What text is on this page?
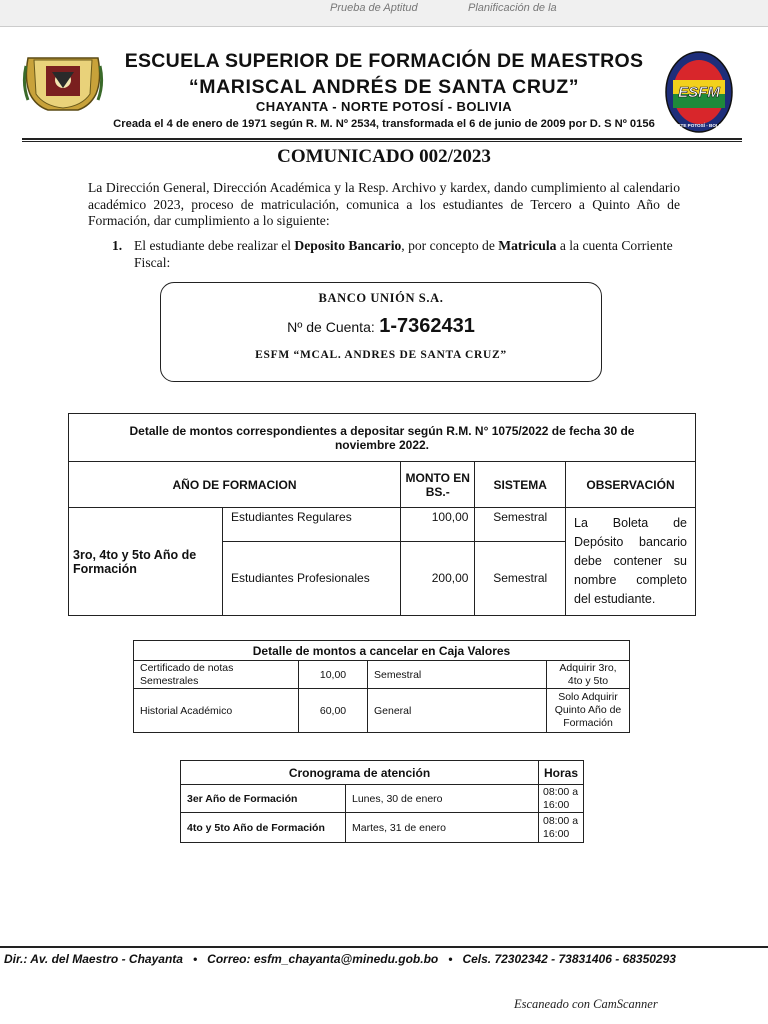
Prueba de Aptitud	Planificación de la
ESCUELA SUPERIOR DE FORMACIÓN DE MAESTROS
“MARISCAL ANDRÉS DE SANTA CRUZ”
CHAYANTA - NORTE POTOSÍ - BOLIVIA
Creada el 4 de enero de 1971 según R. M. Nº 2534, transformada el 6 de junio de 2009 por D. S Nº 0156
ESFM
NORTE POTOSÍ - BOLIVIA
COMUNICADO 002/2023
La Dirección General, Dirección Académica y la Resp. Archivo y kardex, dando cumplimiento al calendario académico 2023, proceso de matriculación, comunica a los estudiantes de Tercero a Quinto Año de Formación, dar cumplimiento a lo siguiente:
1. El estudiante debe realizar el Deposito Bancario, por concepto de Matricula a la cuenta Corriente Fiscal:
BANCO UNIÓN S.A.
Nº de Cuenta: 1-7362431
ESFM “MCAL. ANDRES DE SANTA CRUZ”
Detalle de montos correspondientes a depositar según R.M. N° 1075/2022 de fecha 30 de noviembre 2022.				
AÑO DE FORMACION		MONTO EN BS.-	SISTEMA	OBSERVACIÓN
3ro, 4to y 5to Año de Formación	Estudiantes Regulares	100,00	Semestral	La Boleta de Depósito bancario debe contener su nombre completo del estudiante.
	Estudiantes Profesionales	200,00	Semestral	
Detalle de montos a cancelar en Caja Valores			
Certificado de notas Semestrales	10,00	Semestral	Adquirir 3ro, 4to y 5to
Historial Académico	60,00	General	Solo Adquirir Quinto Año de Formación
Cronograma de atención		Horas
3er Año de Formación	Lunes, 30 de enero	08:00 a 16:00
4to y 5to Año de Formación	Martes, 31 de enero	08:00 a 16:00
Dir.: Av. del Maestro - Chayanta • Correo: esfm_chayanta@minedu.gob.bo • Cels. 72302342 - 73831406 - 68350293
Escaneado con CamScanner
